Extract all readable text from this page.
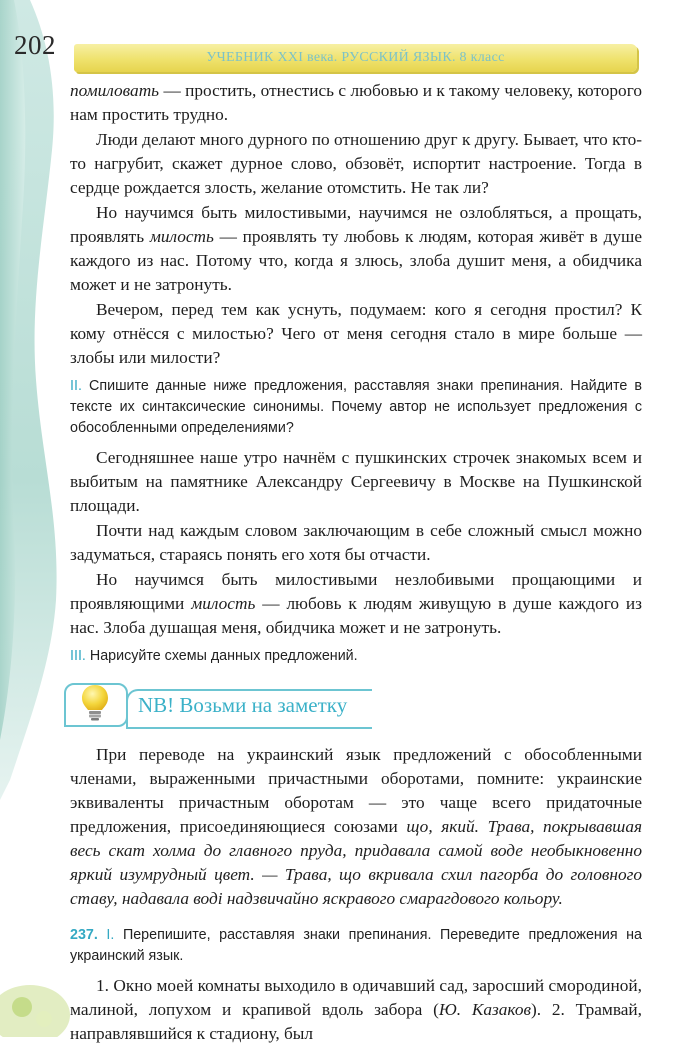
202	УЧЕБНИК XXI века. РУССКИЙ ЯЗЫК. 8 класс

помиловать — простить, отнестись с любовью и к такому человеку, которого нам простить трудно.

Люди делают много дурного по отношению друг к другу. Бывает, что кто-то нагрубит, скажет дурное слово, обзовёт, испортит настроение. Тогда в сердце рождается злость, желание отомстить. Не так ли?

Но научимся быть милостивыми, научимся не озлобляться, а прощать, проявлять милость — проявлять ту любовь к людям, которая живёт в душе каждого из нас. Потому что, когда я злюсь, злоба душит меня, а обидчика может и не затронуть.

Вечером, перед тем как уснуть, подумаем: кого я сегодня простил? К кому отнёсся с милостью? Чего от меня сегодня стало в мире больше — злобы или милости?

II. Спишите данные ниже предложения, расставляя знаки препинания. Найдите в тексте их синтаксические синонимы. Почему автор не использует предложения с обособленными определениями?

Сегодняшнее наше утро начнём с пушкинских строчек знакомых всем и выбитым на памятнике Александру Сергеевичу в Москве на Пушкинской площади.

Почти над каждым словом заключающим в себе сложный смысл можно задуматься, стараясь понять его хотя бы отчасти.

Но научимся быть милостивыми незлобивыми прощающими и проявляющими милость — любовь к людям живущую в душе каждого из нас. Злоба душащая меня, обидчика может и не затронуть.

III. Нарисуйте схемы данных предложений.

NB! Возьми на заметку

При переводе на украинский язык предложений с обособленными членами, выраженными причастными оборотами, помните: украинские эквиваленты причастным оборотам — это чаще всего придаточные предложения, присоединяющиеся союзами що, який. Трава, покрывавшая весь скат холма до главного пруда, придавала самой воде необыкновенно яркий изумрудный цвет. — Трава, що вкривала схил пагорба до головного ставу, надавала воді надзвичайно яскравого смарагдового кольору.

237. I. Перепишите, расставляя знаки препинания. Переведите предложения на украинский язык.

1. Окно моей комнаты выходило в одичавший сад, заросший смородиной, малиной, лопухом и крапивой вдоль забора (Ю. Казаков). 2. Трамвай, направлявшийся к стадиону, был
